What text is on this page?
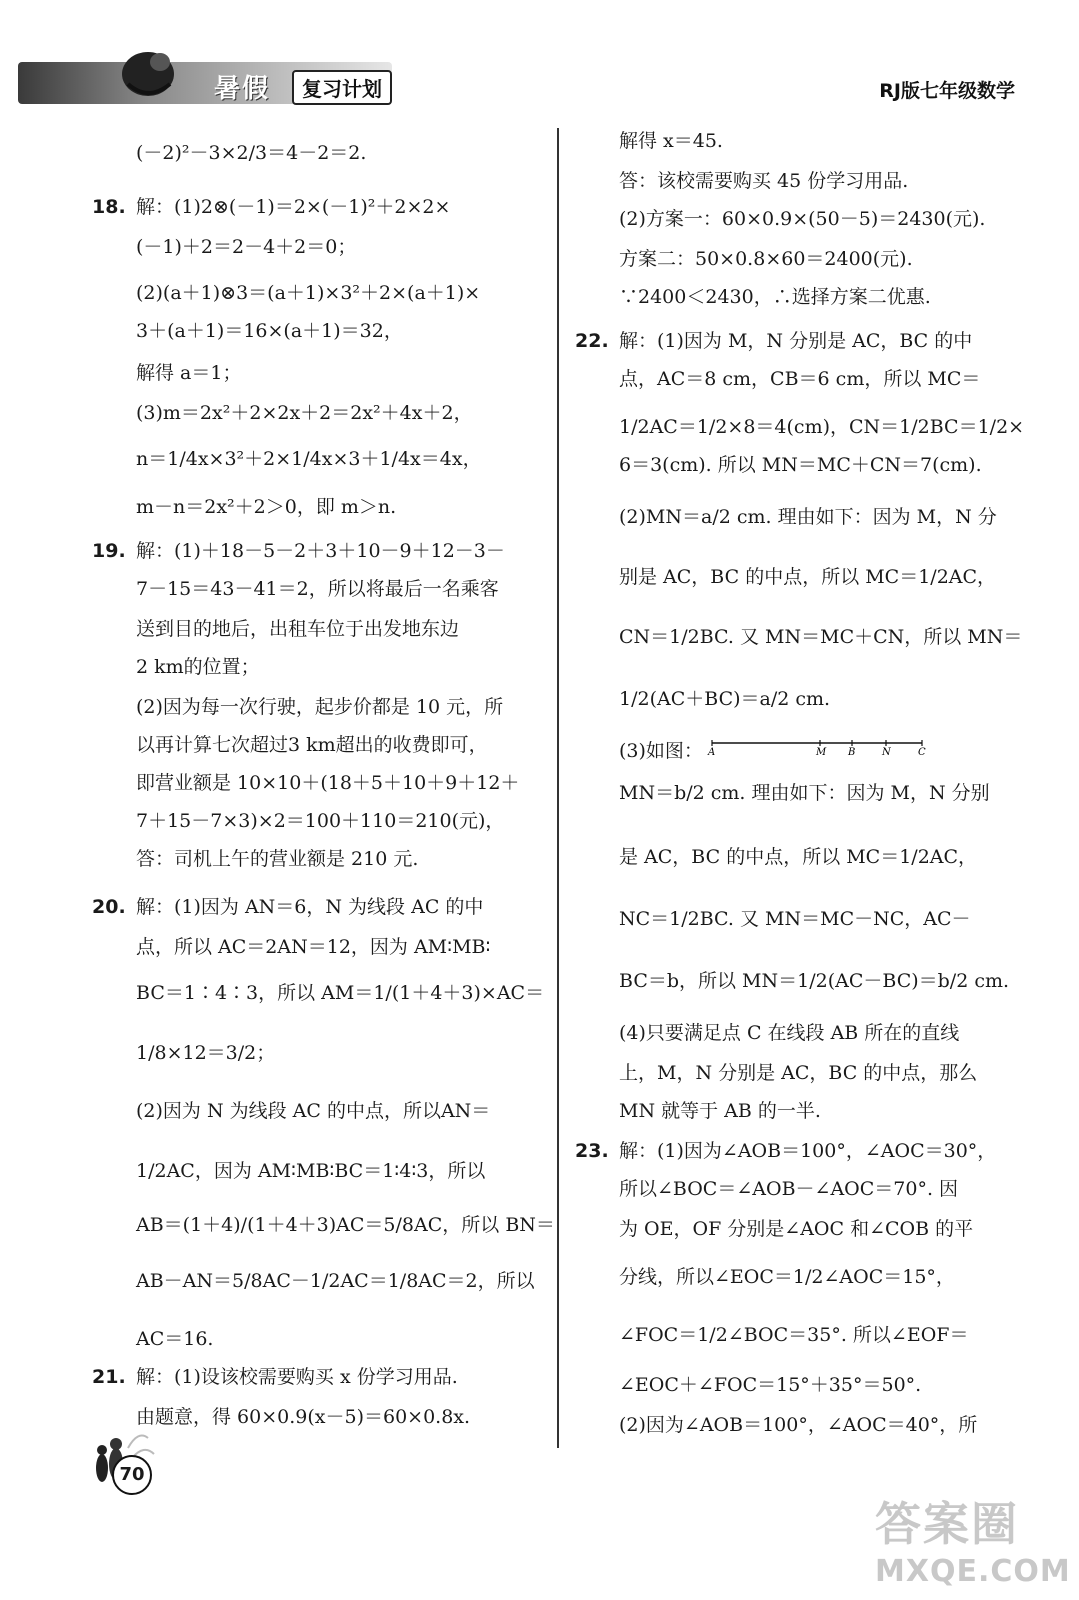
暑假	复习计划	RJ版七年级数学
(－2)²－3×2/3＝4－2＝2.
18. 解：(1)2⊗(－1)＝2×(－1)²＋2×2×
(－1)＋2＝2－4＋2＝0；
(2)(a＋1)⊗3＝(a＋1)×3²＋2×(a＋1)×
3＋(a＋1)＝16×(a＋1)＝32，
解得 a＝1；
(3)m＝2x²＋2×2x＋2＝2x²＋4x＋2，
n＝1/4x×3²＋2×1/4x×3＋1/4x＝4x，
m－n＝2x²＋2＞0，即 m＞n.
19. 解：(1)＋18－5－2＋3＋10－9＋12－3－
7－15＝43－41＝2，所以将最后一名乘客
送到目的地后，出租车位于出发地东边
2 km的位置；
(2)因为每一次行驶，起步价都是 10 元，所
以再计算七次超过3 km超出的收费即可，
即营业额是 10×10＋(18＋5＋10＋9＋12＋
7＋15－7×3)×2＝100＋110＝210(元)，
答：司机上午的营业额是 210 元.
20. 解：(1)因为 AN＝6，N 为线段 AC 的中
点，所以 AC＝2AN＝12，因为 AM∶MB∶
BC＝1∶4∶3，所以 AM＝1/(1＋4＋3)×AC＝
1/8×12＝3/2；
(2)因为 N 为线段 AC 的中点，所以AN＝
1/2AC，因为 AM∶MB∶BC＝1∶4∶3，所以
AB＝(1＋4)/(1＋4＋3)AC＝5/8AC，所以 BN＝
AB－AN＝5/8AC－1/2AC＝1/8AC＝2，所以
AC＝16.
21. 解：(1)设该校需要购买 x 份学习用品.
由题意，得 60×0.9(x－5)＝60×0.8x.
解得 x＝45.
答：该校需要购买 45 份学习用品.
(2)方案一：60×0.9×(50－5)＝2430(元).
方案二：50×0.8×60＝2400(元).
∵2400＜2430，∴选择方案二优惠.
22. 解：(1)因为 M，N 分别是 AC，BC 的中
点，AC＝8 cm，CB＝6 cm，所以 MC＝
1/2AC＝1/2×8＝4(cm)，CN＝1/2BC＝1/2×
6＝3(cm). 所以 MN＝MC＋CN＝7(cm).
(2)MN＝a/2 cm. 理由如下：因为 M，N 分
别是 AC，BC 的中点，所以 MC＝1/2AC，
CN＝1/2BC. 又 MN＝MC＋CN，所以 MN＝
1/2(AC＋BC)＝a/2 cm.
(3)如图：
MN＝b/2 cm. 理由如下：因为 M，N 分别
是 AC，BC 的中点，所以 MC＝1/2AC，
NC＝1/2BC. 又 MN＝MC－NC，AC－
BC＝b，所以 MN＝1/2(AC－BC)＝b/2 cm.
(4)只要满足点 C 在线段 AB 所在的直线
上，M，N 分别是 AC，BC 的中点，那么
MN 就等于 AB 的一半.
23. 解：(1)因为∠AOB＝100°，∠AOC＝30°，
所以∠BOC＝∠AOB－∠AOC＝70°. 因
为 OE，OF 分别是∠AOC 和∠COB 的平
分线，所以∠EOC＝1/2∠AOC＝15°，
∠FOC＝1/2∠BOC＝35°. 所以∠EOF＝
∠EOC＋∠FOC＝15°＋35°＝50°.
(2)因为∠AOB＝100°，∠AOC＝40°，所
A	M B	N	C
70
答案圈
MXQE.COM
